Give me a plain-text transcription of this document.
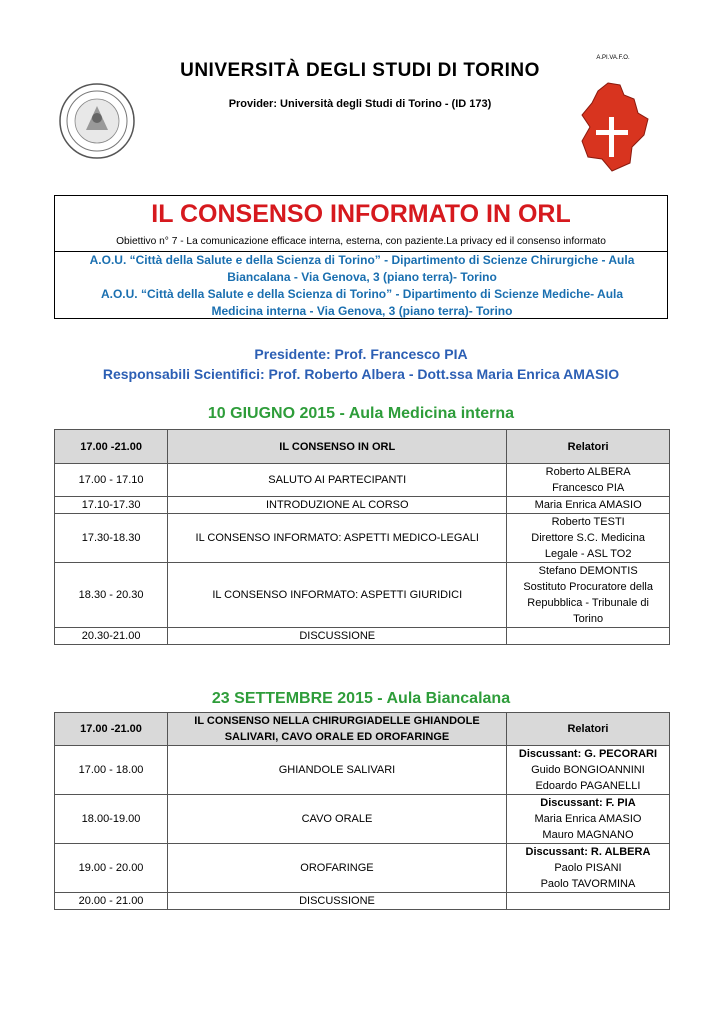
UNIVERSITÀ DEGLI STUDI DI TORINO
Provider: Università degli Studi di Torino - (ID 173)
A.PI.VA.F.O.
IL CONSENSO INFORMATO IN ORL
Obiettivo n° 7 - La comunicazione efficace interna, esterna, con paziente.La privacy ed il consenso informato
A.O.U. “Città della Salute e della Scienza di Torino” - Dipartimento di Scienze Chirurgiche - Aula
Biancalana - Via Genova, 3 (piano terra)- Torino
A.O.U. “Città della Salute e della Scienza di Torino” - Dipartimento di Scienze Mediche- Aula
Medicina interna - Via Genova, 3 (piano terra)- Torino
Presidente: Prof. Francesco PIA
Responsabili Scientifici: Prof. Roberto Albera - Dott.ssa Maria Enrica AMASIO
10 GIUGNO 2015 - Aula Medicina interna
17.00 -21.00	IL CONSENSO IN ORL	Relatori
17.00 - 17.10	SALUTO AI PARTECIPANTI	Roberto ALBERA
Francesco PIA

17.10-17.30	INTRODUZIONE AL CORSO	Maria Enrica AMASIO

17.30-18.30	IL CONSENSO INFORMATO: ASPETTI MEDICO-LEGALI	Roberto TESTI
Direttore S.C. Medicina
Legale - ASL TO2

18.30 - 20.30	IL CONSENSO INFORMATO: ASPETTI GIURIDICI	Stefano DEMONTIS
Sostituto Procuratore della
Repubblica - Tribunale di
Torino

20.30-21.00	DISCUSSIONE	
23 SETTEMBRE 2015 - Aula Biancalana
17.00 -21.00	IL CONSENSO NELLA CHIRURGIADELLE GHIANDOLE
SALIVARI, CAVO ORALE ED OROFARINGE	Relatori
17.00 - 18.00	GHIANDOLE SALIVARI	Discussant: G. PECORARI
Guido BONGIOANNINI
Edoardo PAGANELLI

18.00-19.00	CAVO ORALE	Discussant: F. PIA
Maria Enrica AMASIO
Mauro MAGNANO

19.00 - 20.00	OROFARINGE	Discussant: R. ALBERA
Paolo PISANI
Paolo TAVORMINA

20.00 - 21.00	DISCUSSIONE	
